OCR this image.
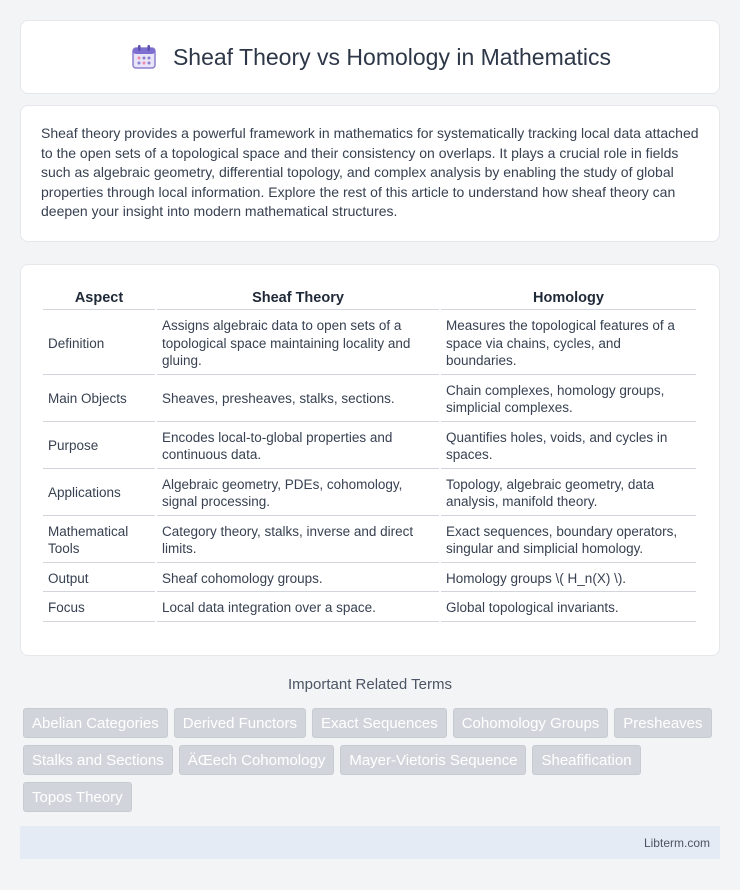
Sheaf Theory vs Homology in Mathematics

Sheaf theory provides a powerful framework in mathematics for systematically tracking local data attached to the open sets of a topological space and their consistency on overlaps. It plays a crucial role in fields such as algebraic geometry, differential topology, and complex analysis by enabling the study of global properties through local information. Explore the rest of this article to understand how sheaf theory can deepen your insight into modern mathematical structures.

Aspect	Sheaf Theory	Homology
Definition	Assigns algebraic data to open sets of a topological space maintaining locality and gluing.	Measures the topological features of a space via chains, cycles, and boundaries.
Main Objects	Sheaves, presheaves, stalks, sections.	Chain complexes, homology groups, simplicial complexes.
Purpose	Encodes local-to-global properties and continuous data.	Quantifies holes, voids, and cycles in spaces.
Applications	Algebraic geometry, PDEs, cohomology, signal processing.	Topology, algebraic geometry, data analysis, manifold theory.
Mathematical Tools	Category theory, stalks, inverse and direct limits.	Exact sequences, boundary operators, singular and simplicial homology.
Output	Sheaf cohomology groups.	Homology groups \( H_n(X) \).
Focus	Local data integration over a space.	Global topological invariants.
Important Related Terms
Abelian Categories	Derived Functors	Exact Sequences	Cohomology Groups	Presheaves
Stalks and Sections	ÄŒech Cohomology	Mayer-Vietoris Sequence	Sheafification
Topos Theory
Libterm.com
